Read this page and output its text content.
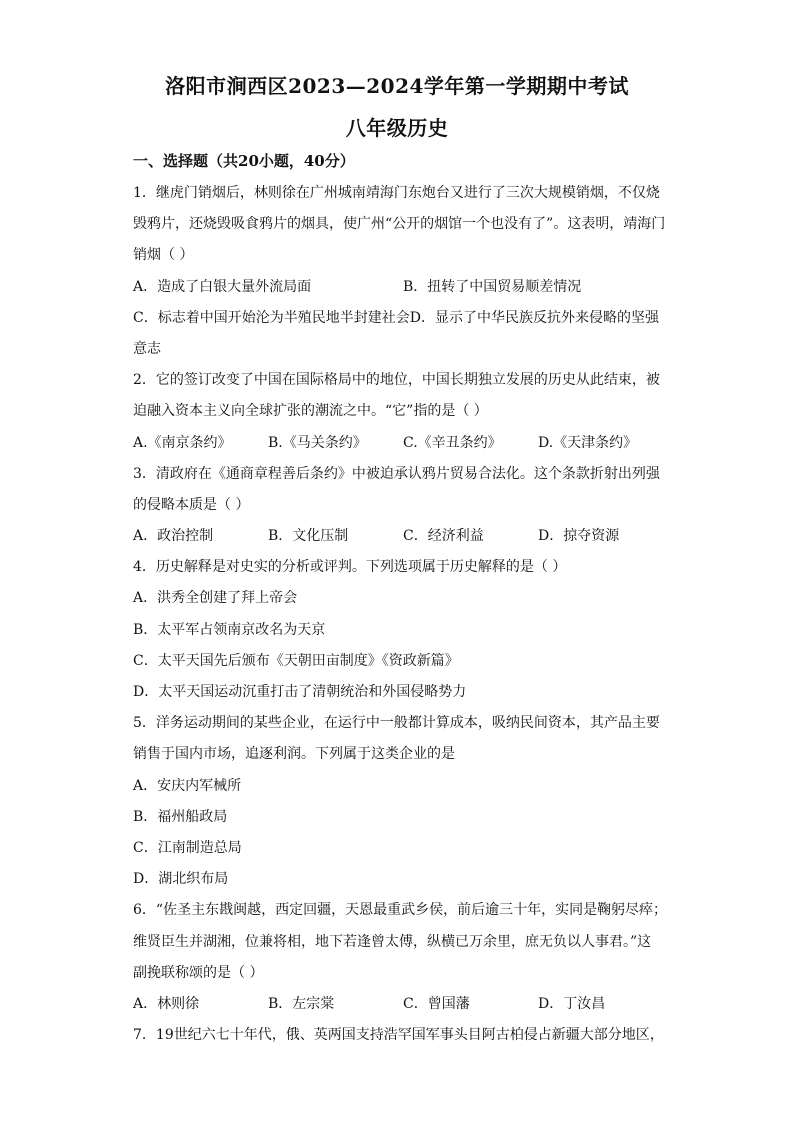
洛阳市涧西区2023—2024学年第一学期期中考试
八年级历史
一、选择题（共20小题，40分）
1．继虎门销烟后，林则徐在广州城南靖海门东炮台又进行了三次大规模销烟，不仅烧
毁鸦片，还烧毁吸食鸦片的烟具，使广州“公开的烟馆一个也没有了”。这表明，靖海门
销烟（ ）
A．造成了白银大量外流局面	B．扭转了中国贸易顺差情况
C．标志着中国开始沦为半殖民地半封建社会 D．显示了中华民族反抗外来侵略的坚强
意志
2．它的签订改变了中国在国际格局中的地位，中国长期独立发展的历史从此结束，被
迫融入资本主义向全球扩张的潮流之中。“它”指的是（ ）
A.《南京条约》	B.《马关条约》	C.《辛丑条约》	D.《天津条约》
3．清政府在《通商章程善后条约》中被迫承认鸦片贸易合法化。这个条款折射出列强
的侵略本质是（ ）
A．政治控制	B．文化压制	C．经济利益	D．掠夺资源
4．历史解释是对史实的分析或评判。下列选项属于历史解释的是（ ）
A．洪秀全创建了拜上帝会
B．太平军占领南京改名为天京
C．太平天国先后颁布《天朝田亩制度》《资政新篇》
D．太平天国运动沉重打击了清朝统治和外国侵略势力
5．洋务运动期间的某些企业，在运行中一般都计算成本，吸纳民间资本，其产品主要
销售于国内市场，追逐利润。下列属于这类企业的是
A．安庆内军械所
B．福州船政局
C．江南制造总局
D．湖北织布局
6．“佐圣主东戡闽越，西定回疆，天恩最重武乡侯，前后逾三十年，实同是鞠躬尽瘁；
维贤臣生并湖湘，位兼将相，地下若逢曾太傅，纵横已万余里，庶无负以人事君。”这
副挽联称颂的是（ ）
A．林则徐	B．左宗棠	C．曾国藩	D．丁汝昌
7．19世纪六七十年代，俄、英两国支持浩罕国军事头目阿古柏侵占新疆大部分地区，
